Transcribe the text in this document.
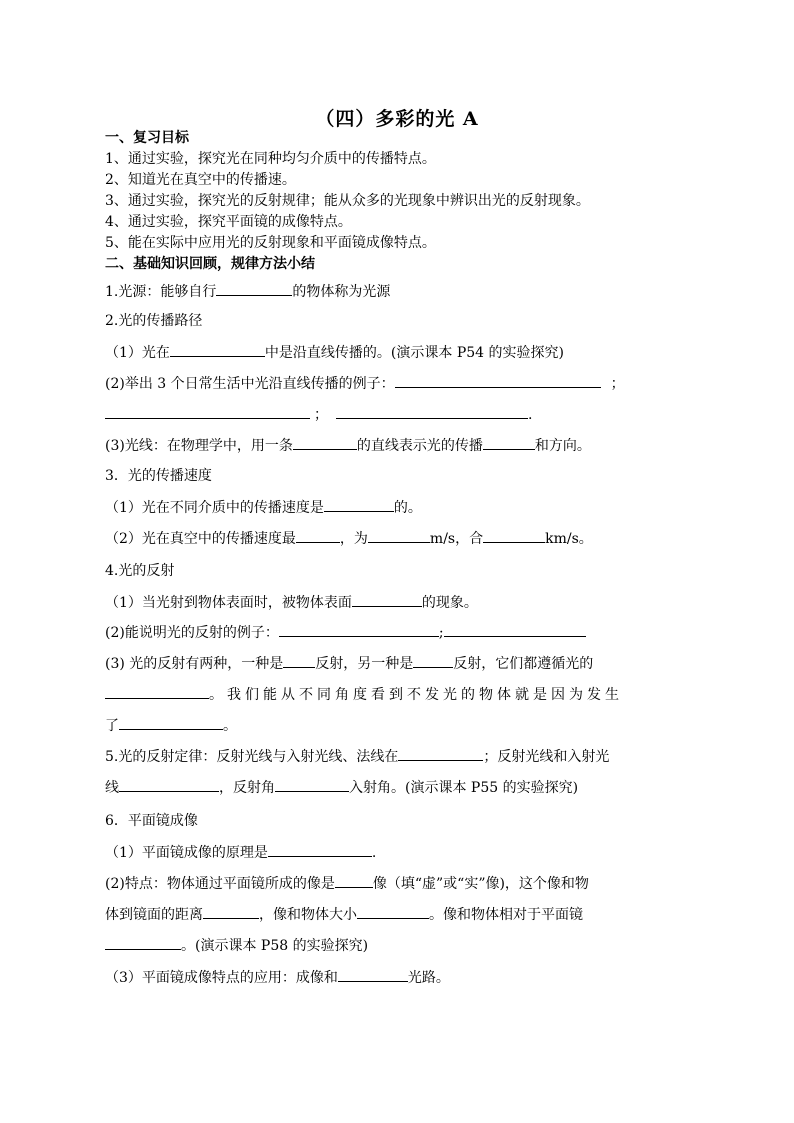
（四）多彩的光 A
一、复习目标
1、通过实验，探究光在同种均匀介质中的传播特点。
2、知道光在真空中的传播速。
3、通过实验，探究光的反射规律；能从众多的光现象中辨识出光的反射现象。
4、通过实验，探究平面镜的成像特点。
5、能在实际中应用光的反射现象和平面镜成像特点。
二、基础知识回顾，规律方法小结
1.光源：能够自行	的物体称为光源
2.光的传播路径
（1）光在	中是沿直线传播的。(演示课本 P54 的实验探究)
(2)举出 3 个日常生活中光沿直线传播的例子：	；
；	.
(3)光线：在物理学中，用一条	的直线表示光的传播	和方向。
3．光的传播速度
（1）光在不同介质中的传播速度是	的。
（2）光在真空中的传播速度最	，为	m/s，合	km/s。
4.光的反射
（1）当光射到物体表面时，被物体表面	的现象。
(2)能说明光的反射的例子：	;
(3) 光的反射有两种，一种是 反射，另一种是	反射，它们都遵循光的
。我们能从不同角度看到不发光的物体就是因为发生
了	。
5.光的反射定律：反射光线与入射光线、法线在	；反射光线和入射光
线	，反射角	入射角。(演示课本 P55 的实验探究)
6．平面镜成像
（1）平面镜成像的原理是	.
(2)特点：物体通过平面镜所成的像是	像（填“虚”或“实”像)，这个像和物
体到镜面的距离	，像和物体大小	。像和物体相对于平面镜
。(演示课本 P58 的实验探究)
（3）平面镜成像特点的应用：成像和	光路。
